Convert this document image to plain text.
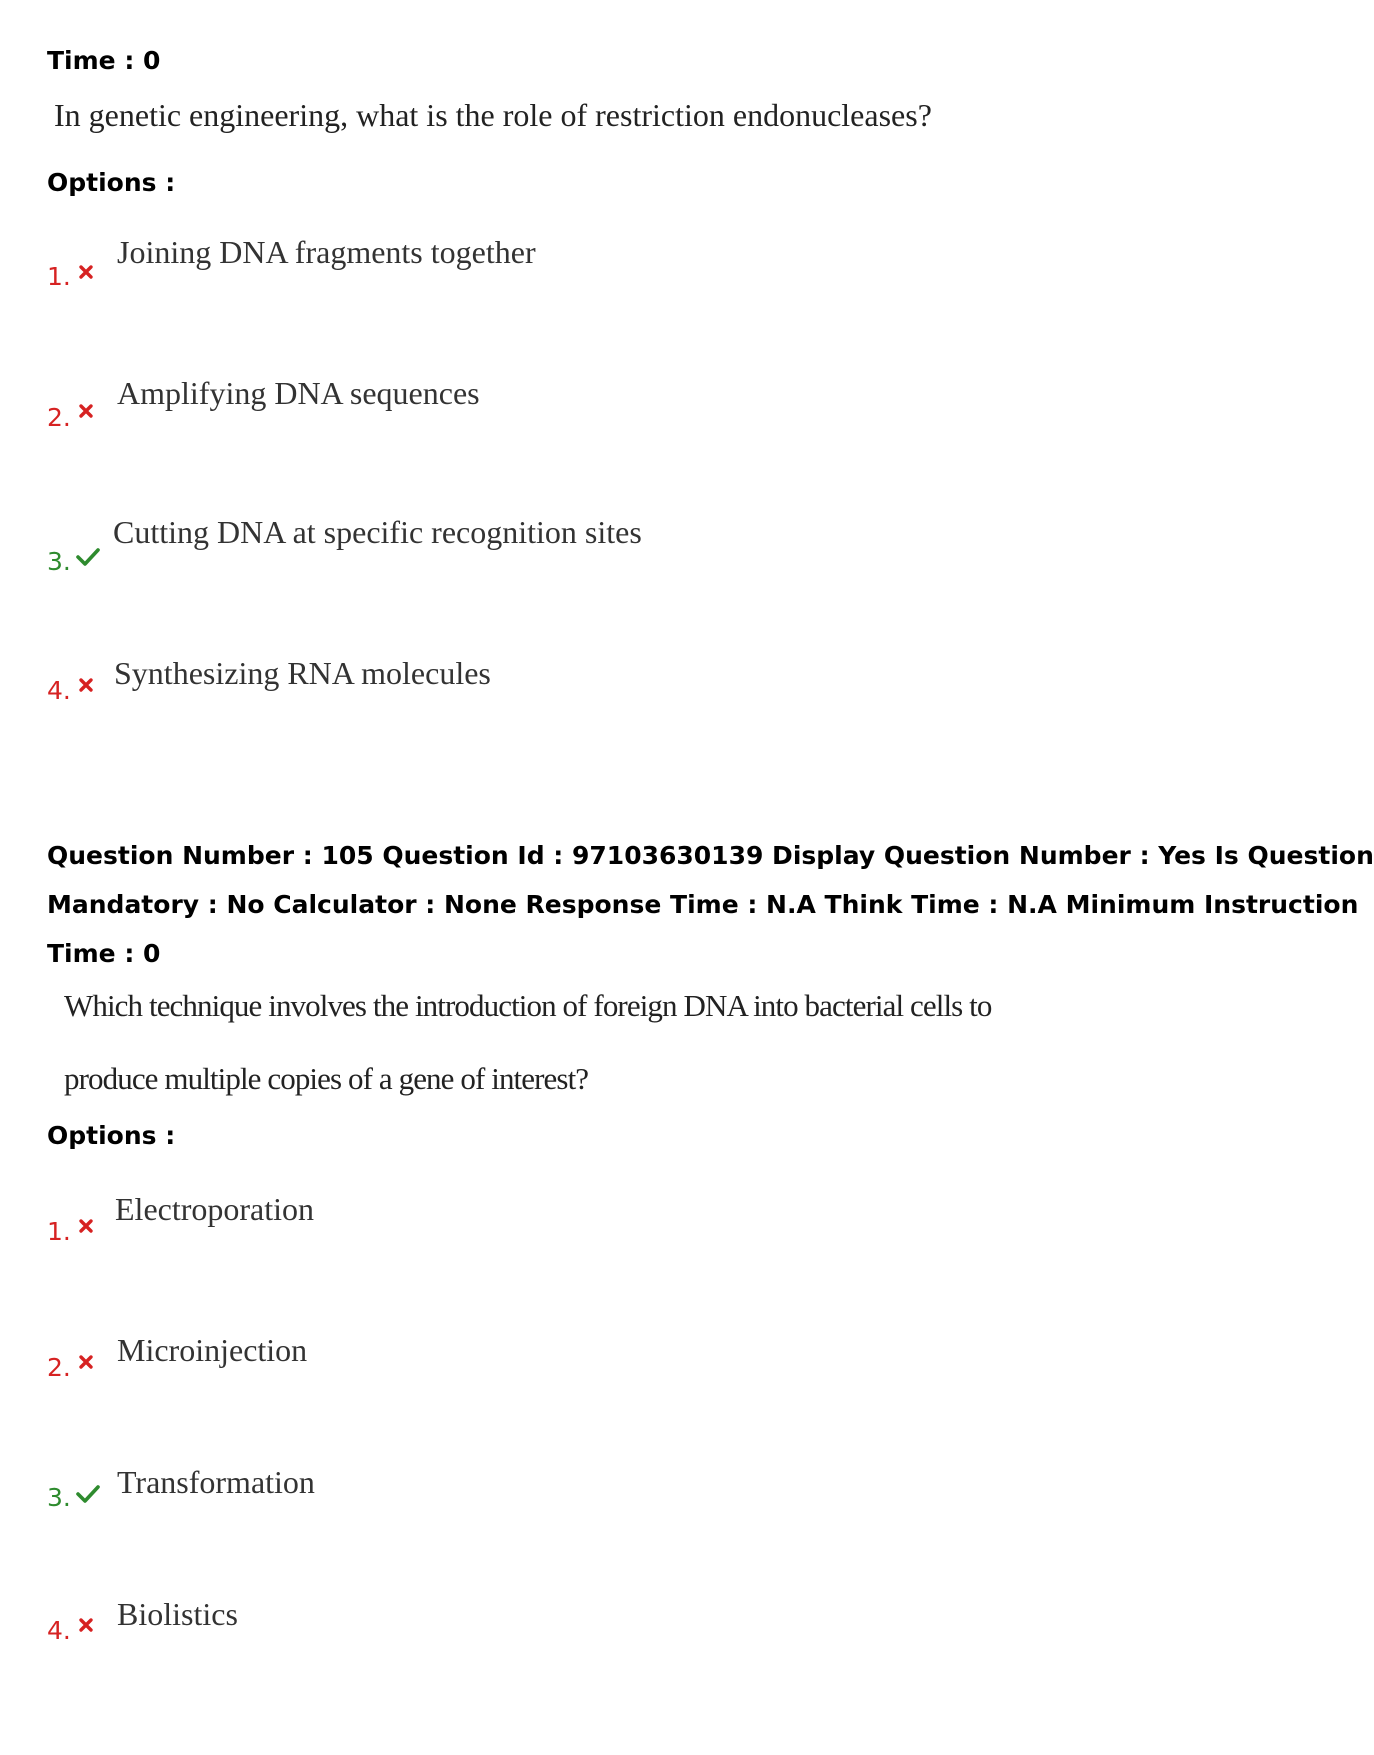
Time : 0
In genetic engineering, what is the role of restriction endonucleases?
Options :
1.
Joining DNA fragments together
2.
Amplifying DNA sequences
3.
Cutting DNA at specific recognition sites
4. Synthesizing RNA molecules
Question Number : 105 Question Id : 97103630139 Display Question Number : Yes Is Question
Mandatory : No Calculator : None Response Time : N.A Think Time : N.A Minimum Instruction
Time : 0
Which technique involves the introduction of foreign DNA into bacterial cells to
produce multiple copies of a gene of interest?
Options :
1.
Electroporation
2. Microinjection
3. Transformation
4. Biolistics
